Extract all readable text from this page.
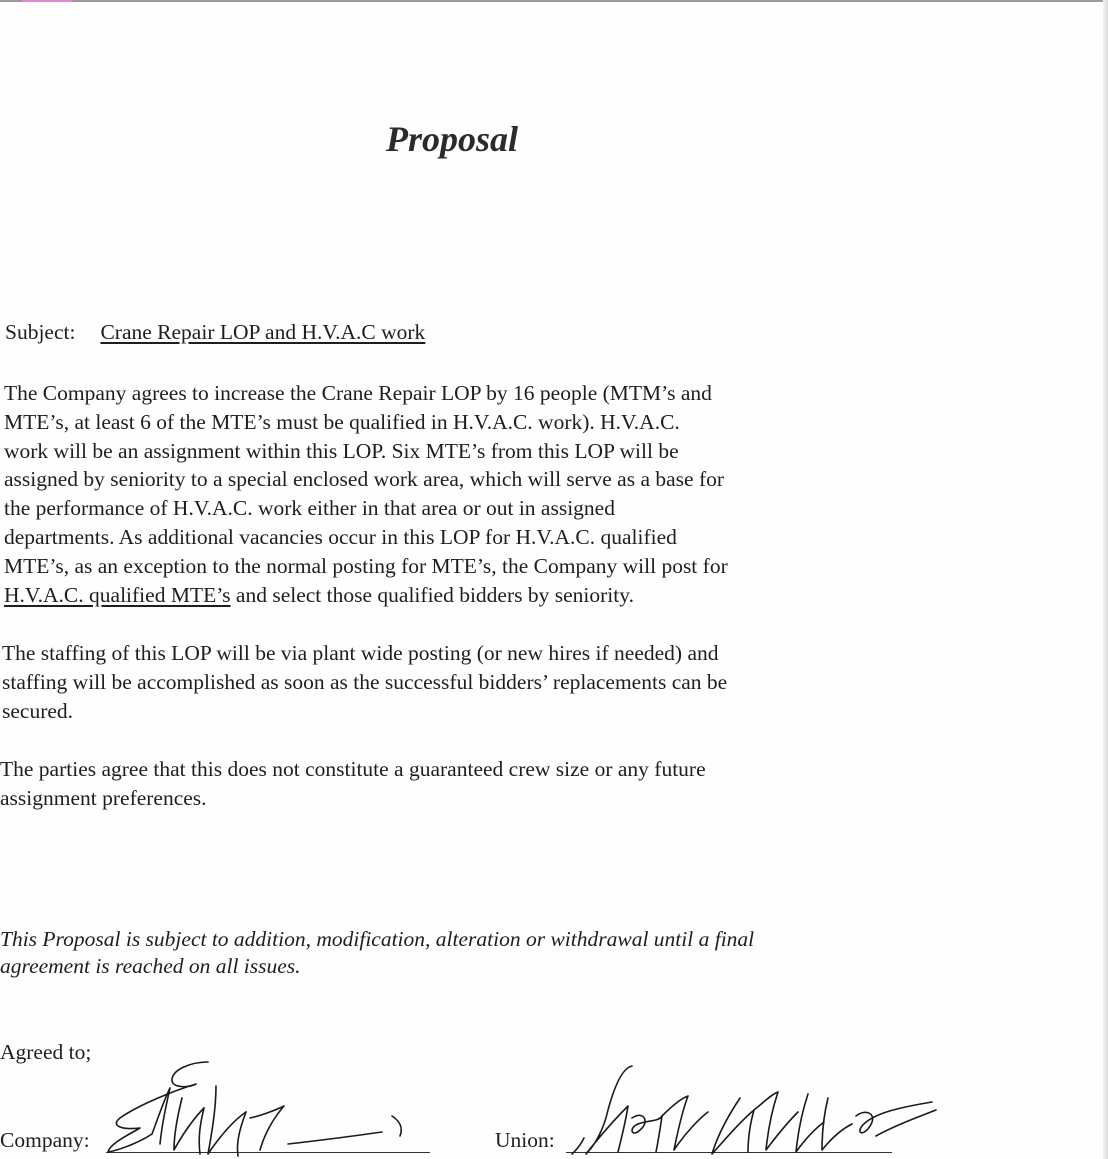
Proposal
Subject: Crane Repair LOP and H.V.A.C work
The Company agrees to increase the Crane Repair LOP by 16 people (MTM’s and
MTE’s, at least 6 of the MTE’s must be qualified in H.V.A.C. work). H.V.A.C.
work will be an assignment within this LOP. Six MTE’s from this LOP will be
assigned by seniority to a special enclosed work area, which will serve as a base for
the performance of H.V.A.C. work either in that area or out in assigned
departments. As additional vacancies occur in this LOP for H.V.A.C. qualified
MTE’s, as an exception to the normal posting for MTE’s, the Company will post for
H.V.A.C. qualified MTE’s and select those qualified bidders by seniority.
The staffing of this LOP will be via plant wide posting (or new hires if needed) and
staffing will be accomplished as soon as the successful bidders’ replacements can be
secured.
The parties agree that this does not constitute a guaranteed crew size or any future
assignment preferences.
This Proposal is subject to addition, modification, alteration or withdrawal until a final
agreement is reached on all issues.
Agreed to;
Company:	Union:
